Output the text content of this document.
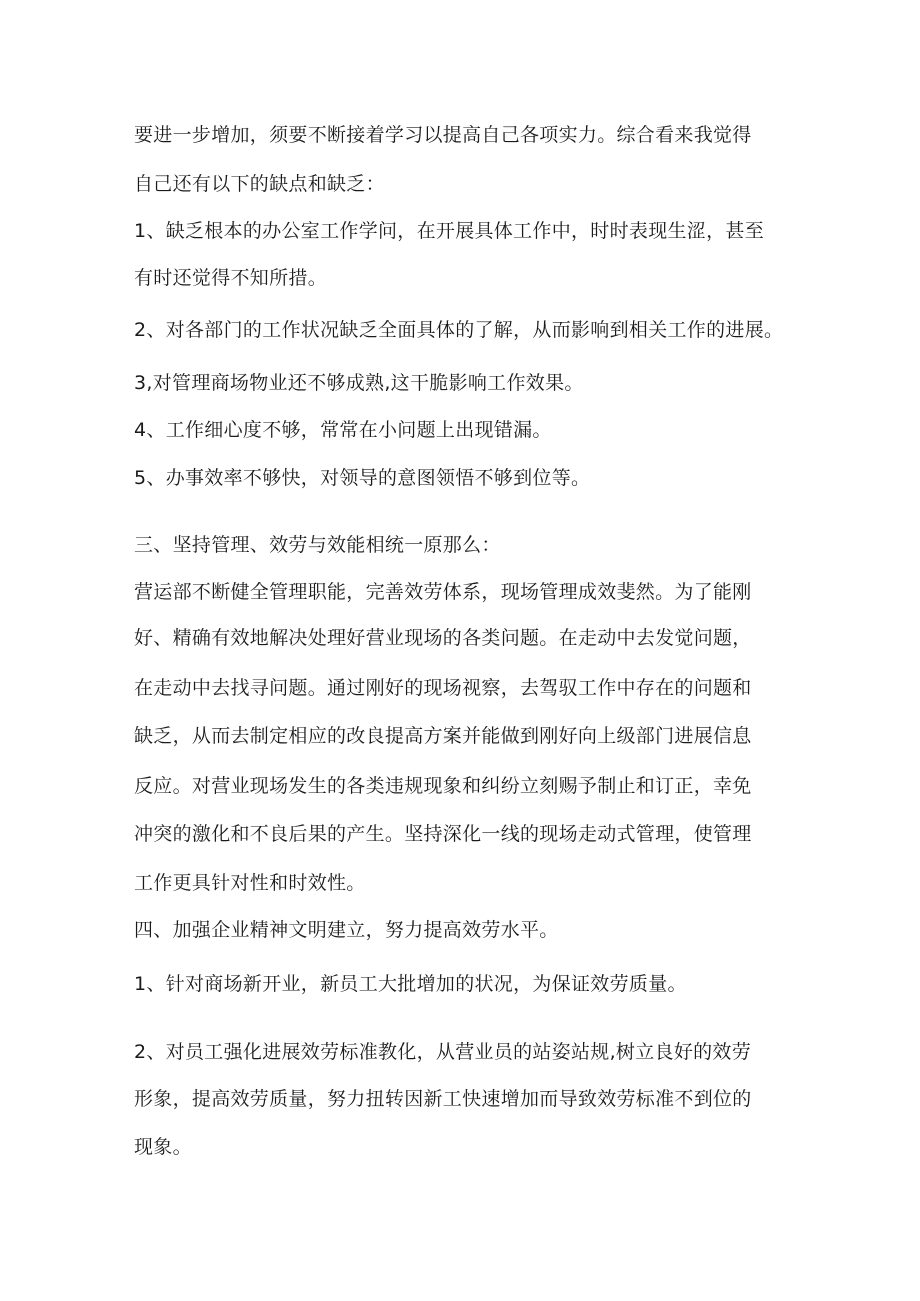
要进一步增加，须要不断接着学习以提高自己各项实力。综合看来我觉得
自己还有以下的缺点和缺乏：
1、缺乏根本的办公室工作学问，在开展具体工作中，时时表现生涩，甚至
有时还觉得不知所措。
2、对各部门的工作状况缺乏全面具体的了解，从而影响到相关工作的进展。
3,对管理商场物业还不够成熟,这干脆影响工作效果。
4、工作细心度不够，常常在小问题上出现错漏。
5、办事效率不够快，对领导的意图领悟不够到位等。
三、坚持管理、效劳与效能相统一原那么：
营运部不断健全管理职能，完善效劳体系，现场管理成效斐然。为了能刚
好、精确有效地解决处理好营业现场的各类问题。在走动中去发觉问题，
在走动中去找寻问题。通过刚好的现场视察，去驾驭工作中存在的问题和
缺乏，从而去制定相应的改良提高方案并能做到刚好向上级部门进展信息
反应。对营业现场发生的各类违规现象和纠纷立刻赐予制止和订正，幸免
冲突的激化和不良后果的产生。坚持深化一线的现场走动式管理，使管理
工作更具针对性和时效性。
四、加强企业精神文明建立，努力提高效劳水平。
1、针对商场新开业，新员工大批增加的状况，为保证效劳质量。
2、对员工强化进展效劳标准教化，从营业员的站姿站规,树立良好的效劳
形象，提高效劳质量，努力扭转因新工快速增加而导致效劳标准不到位的
现象。
